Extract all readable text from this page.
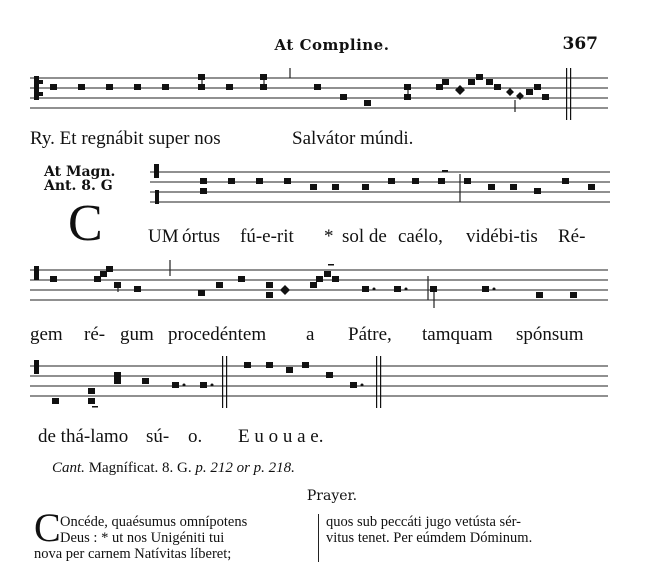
At Compline.	367
Ry. Et regnábit super nos	Salvátor múndi.
At Magn.
Ant. 8. G
C UM órtus fú-e-rit * sol de caélo, vidébi-tis Ré-
gem ré- gum procedéntem a Pátre, tamquam spónsum
de thá-lamo sú- o. E u o u a e.
Cant. Magníficat. 8. G. p. 212 or p. 218.
Prayer.
C Oncéde, quaésumus omnípotens
Deus : * ut nos Unigéniti tui
nova per carnem Natívitas líberet;
quos sub peccáti jugo vetústa sér-
vitus tenet. Per eúmdem Dóminum.
